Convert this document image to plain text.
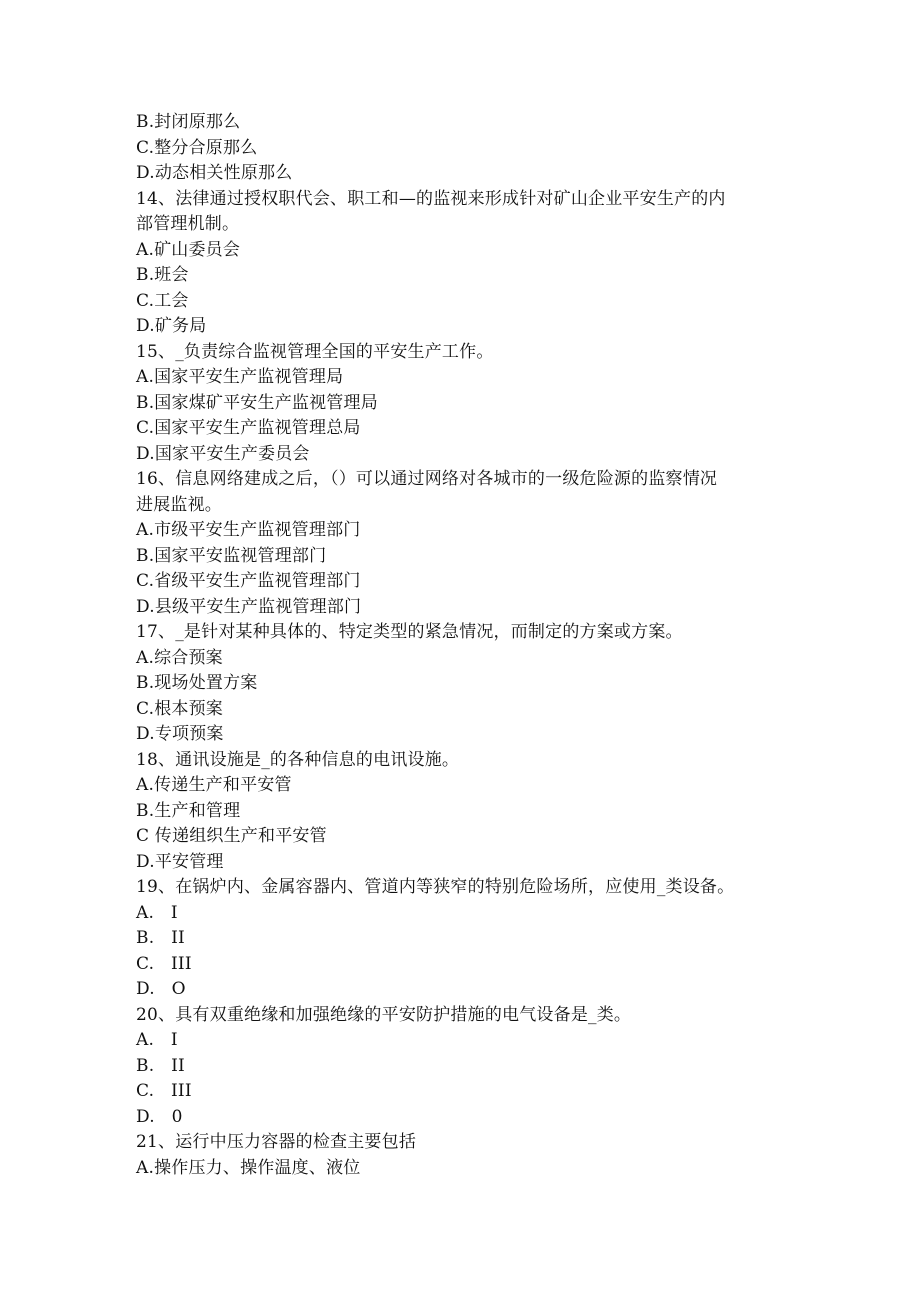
B.封闭原那么
C.整分合原那么
D.动态相关性原那么
14、法律通过授权职代会、职工和—的监视来形成针对矿山企业平安生产的内
部管理机制。
A.矿山委员会
B.班会
C.工会
D.矿务局
15、_负责综合监视管理全国的平安生产工作。
A.国家平安生产监视管理局
B.国家煤矿平安生产监视管理局
C.国家平安生产监视管理总局
D.国家平安生产委员会
16、信息网络建成之后，（）可以通过网络对各城市的一级危险源的监察情况
进展监视。
A.市级平安生产监视管理部门
B.国家平安监视管理部门
C.省级平安生产监视管理部门
D.县级平安生产监视管理部门
17、_是针对某种具体的、特定类型的紧急情况，而制定的方案或方案。
A.综合预案
B.现场处置方案
C.根本预案
D.专项预案
18、通讯设施是_的各种信息的电讯设施。
A.传递生产和平安管
B.生产和管理
C 传递组织生产和平安管
D.平安管理
19、在锅炉内、金属容器内、管道内等狭窄的特别危险场所，应使用_类设备。
A.   I
B.   II
C.   III
D.   O
20、具有双重绝缘和加强绝缘的平安防护措施的电气设备是_类。
A.   I
B.   II
C.   III
D.   0
21、运行中压力容器的检查主要包括
A.操作压力、操作温度、液位
